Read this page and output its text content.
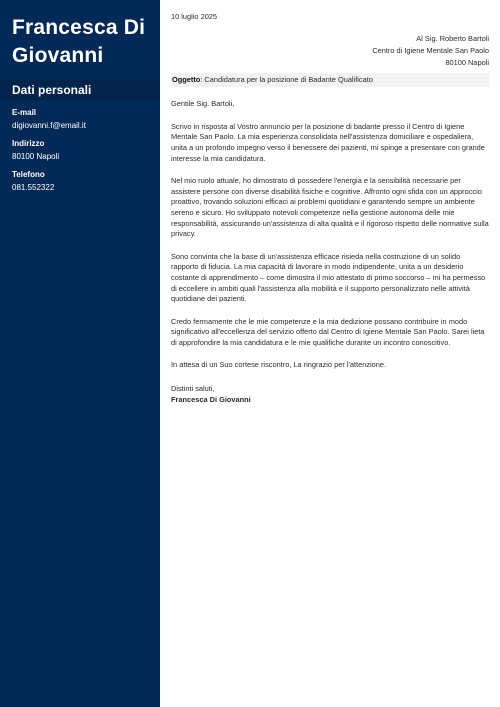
Francesca Di Giovanni
Dati personali
E-mail
digiovanni.f@email.it
Indirizzo
80100 Napoli
Telefono
081.552322
10 luglio 2025
Al Sig. Roberto Bartoli
Centro di Igiene Mentale San Paolo
80100 Napoli
Oggetto: Candidatura per la posizione di Badante Qualificato
Gentile Sig. Bartoli,
Scrivo in risposta al Vostro annuncio per la posizione di badante presso il Centro di Igiene Mentale San Paolo. La mia esperienza consolidata nell'assistenza domiciliare e ospedaliera, unita a un profondo impegno verso il benessere dei pazienti, mi spinge a presentare con grande interesse la mia candidatura.
Nel mio ruolo attuale, ho dimostrato di possedere l'energia e la sensibilità necessarie per assistere persone con diverse disabilità fisiche e cognitive. Affronto ogni sfida con un approccio proattivo, trovando soluzioni efficaci ai problemi quotidiani e garantendo sempre un ambiente sereno e sicuro. Ho sviluppato notevoli competenze nella gestione autonoma delle mie responsabilità, assicurando un'assistenza di alta qualità e il rigoroso rispetto delle normative sulla privacy.
Sono convinta che la base di un'assistenza efficace risieda nella costruzione di un solido rapporto di fiducia. La mia capacità di lavorare in modo indipendente, unita a un desiderio costante di apprendimento – come dimostra il mio attestato di primo soccorso – mi ha permesso di eccellere in ambiti quali l'assistenza alla mobilità e il supporto personalizzato nelle attività quotidiane dei pazienti.
Credo fermamente che le mie competenze e la mia dedizione possano contribuire in modo significativo all'eccellenza del servizio offerto dal Centro di Igiene Mentale San Paolo. Sarei lieta di approfondire la mia candidatura e le mie qualifiche durante un incontro conoscitivo.
In attesa di un Suo cortese riscontro, La ringrazio per l'attenzione.
Distinti saluti,
Francesca Di Giovanni
